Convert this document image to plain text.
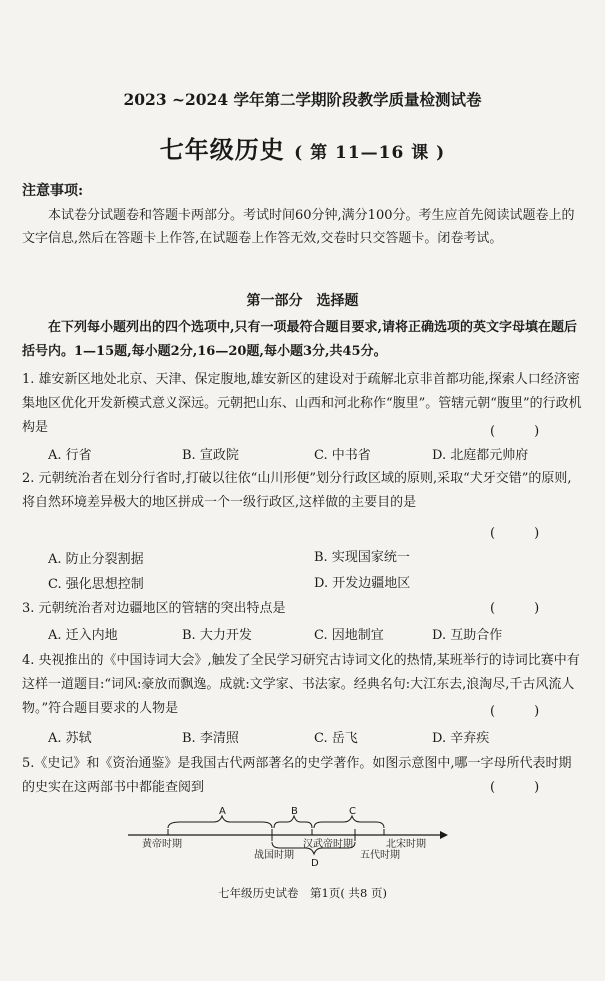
2023 ~2024 学年第二学期阶段教学质量检测试卷
七年级历史 ( 第 11—16 课 )
注意事项:
本试卷分试题卷和答题卡两部分。考试时间60分钟,满分100分。考生应首先阅读试题卷上的文字信息,然后在答题卡上作答,在试题卷上作答无效,交卷时只交答题卡。闭卷考试。
第一部分　选择题
在下列每小题列出的四个选项中,只有一项最符合题目要求,请将正确选项的英文字母填在题后括号内。1—15题,每小题2分,16—20题,每小题3分,共45分。
1. 雄安新区地处北京、天津、保定腹地,雄安新区的建设对于疏解北京非首都功能,探索人口经济密集地区优化开发新模式意义深远。元朝把山东、山西和河北称作“腹里”。管辖元朝“腹里”的行政机构是	(　　　)
A. 行省	B. 宣政院	C. 中书省	D. 北庭都元帅府
2. 元朝统治者在划分行省时,打破以往依“山川形便”划分行政区域的原则,采取“犬牙交错”的原则,将自然环境差异极大的地区拼成一个一级行政区,这样做的主要目的是
(　　　)
A. 防止分裂割据	B. 实现国家统一
C. 强化思想控制	D. 开发边疆地区
3. 元朝统治者对边疆地区的管辖的突出特点是	(　　　)
A. 迁入内地	B. 大力开发	C. 因地制宜	D. 互助合作
4. 央视推出的《中国诗词大会》,触发了全民学习研究古诗词文化的热情,某班举行的诗词比赛中有这样一道题目:“词风:豪放而飘逸。成就:文学家、书法家。经典名句:大江东去,浪淘尽,千古风流人物。”符合题目要求的人物是	(　　　)
A. 苏轼	B. 李清照	C. 岳飞	D. 辛弃疾
5.《史记》和《资治通鉴》是我国古代两部著名的史学著作。如图示意图中,哪一字母所代表时期的史实在这两部书中都能查阅到	(　　　)
A	B	C
D
黄帝时期
战国时期
汉武帝时期
五代时期
北宋时期
七年级历史试卷　第1页( 共8 页)
